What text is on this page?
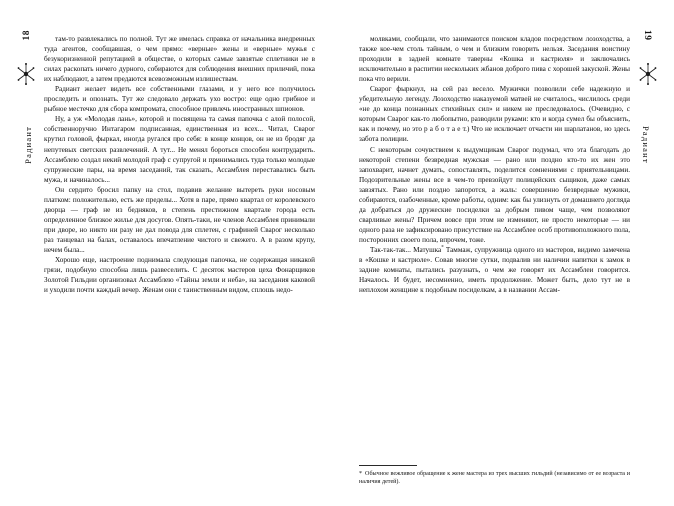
18
Радиант

там-то развлекались по полной. Тут же имелась справка от начальника внедренных туда агентов, сообщавшая, о чем прямо: «верные» жены и «верные» мужья с безукоризненной репутацией в обществе, о которых самые завзятые сплетники не в силах раскопать ничего дурного, собираются для соблюдения внешних приличий, пока их наблюдают, а затем предаются всевозможным излишествам.

Радиант желает видеть все собственными глазами, и у него все получилось проследить и опознать. Тут же следовало держать ухо востро: еще одно грибное и рыбное местечко для сбора компромата, способное привлечь иностранных шпионов.

Ну, а уж «Молодая лань», которой и посвящена та самая папочка с алой полосой, собственноручно Интагаром подписанная, единственная из всех... Читал, Сварог крутил головой, фыркал, иногда ругался про себя: в конце концов, он не из бродяг да непутевых светских развлечений. А тут... Не менял бороться способен контрударить. Ассамблею создал некий молодой граф с супругой и принимались туда только молодые супружеские пары, на время заседаний, так сказать, Ассамблея переставались быть мужа, и начиналось...

Он сердито бросил папку на стол, подавив желание вытереть руки носовым платком: положительно, есть же пределы... Хотя в паре, прямо квартал от королевского дворца — граф не из бедняков, в степень престижном квартале города есть определенное близкое жилье для досугов. Опять-таки, не членов Ассамблея принимали при дворе, но никто ни разу не дал повода для сплетен, с графиней Сварог несколько раз танцевал на балах, оставалось впечатление чистого и свежего. А в разом крупу, нечем была...

Хорошо еще, настроение поднимала следующая папочка, не содержащая никакой грязи, подобную способна лишь развеселить. С десяток мастеров цеха Фонарщиков Золотой Гильдии организовал Ассамблею «Тайны земли и неба», на заседания каковой и уходили почти каждый вечер. Женам они с таинственным видом, сплошь недо-

19
Радиант

молвками, сообщали, что занимаются поиском кладов посредством лозоходства, а также кое-чем столь тайным, о чем и близким говорить нельзя. Заседания воистину проходили в задней комнате таверны «Кошка и кастрюля» и заключались исключительно в распитии нескольких жбанов доброго пива с хорошей закуской. Жены пока что верили.

Сварог фыркнул, на сей раз весело. Мужички позволили себе надежную и убедительную легенду. Лозоходство наказуемой матвей не считалось, числилось среди «не до конца познанных стихийных сил» и никем не преследовалось. (Очевидно, с которым Сварог как-то любопытно, разводили руками: кто и когда сумел бы объяснить, как и почему, но это р а б о т а е т.) Что не исключает отчасти ни шарлатанов, но здесь забота полиции.

С некоторым сочувствием к выдумщикам Сварог подумал, что эта благодать до некоторой степени безвредная мужская — рано или поздно кто-то их жен это запохварит, начнет думать, сопоставлять, поделится сомнениями с приятельницами. Подозрительные жены все в чем-то превзойдут полицейских сыщиков, даже самых завзятых. Рано или поздно запоротся, а жаль: совершенно безвредные мужики, собираются, озабоченные, кроме работы, одним: как бы улизнуть от домашнего догляда да добраться до дружеские посиделки за добрым пивом чаще, чем позволяют сварливые жены? Причем вовсе при этом не изменяют, не просто некоторые — ни одного раза не зафиксировано присутствие на Ассамблее особ противоположного пола, посторонних своего пола, впрочем, тоже.

Так-так-так... Матушка* Таммаж, супружница одного из мастеров, видимо замечена в «Кошке и кастрюле». Совав многие сутки, подвалив ни наличии напитки к замок в задние комнаты, пытались разузнать, о чем же говорят их Ассамблеи говорится. Началось. И будет, несомненно, иметь продолжение. Может быть, дело тут не в неплохом женщине к подобным посиделкам, а в названии Ассам-

* Обычное вежливое обращение к жене мастера из трех высших гильдий (независимо от ее возраста и наличия детей).
